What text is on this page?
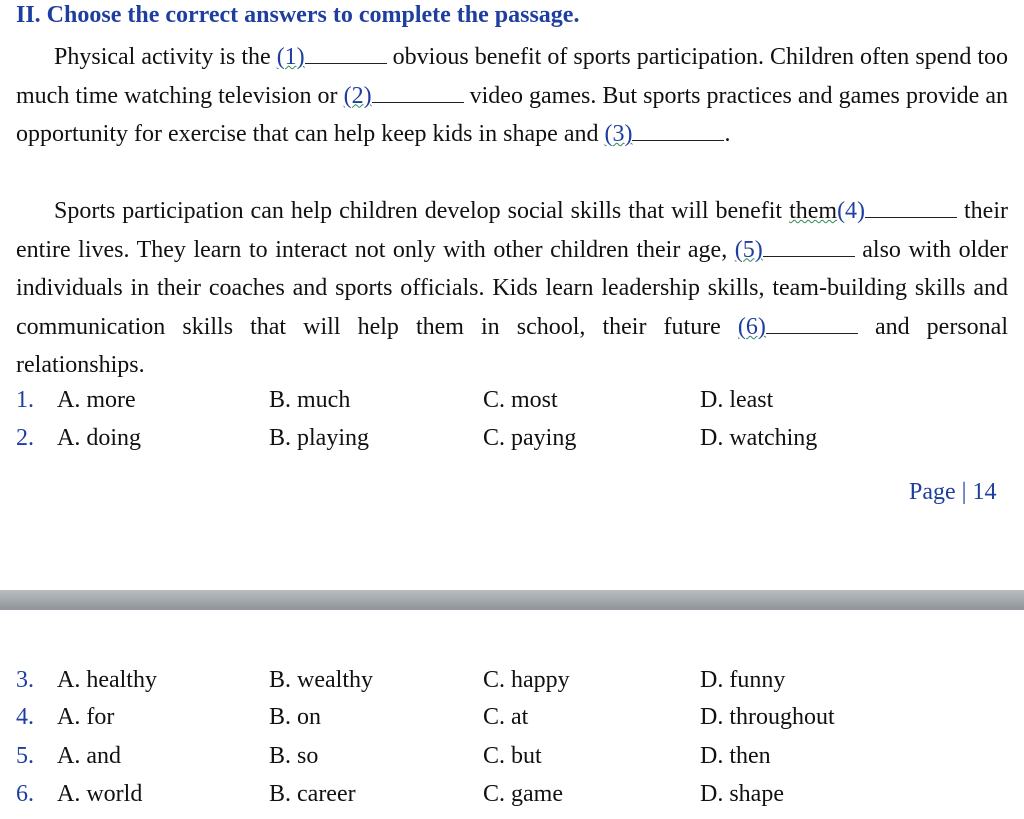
II. Choose the correct answers to complete the passage.
Physical activity is the (1)	obvious benefit of sports participation. Children often spend too much time watching television or (2)	video games. But sports practices and games provide an opportunity for exercise that can help keep kids in shape and (3)	.
Sports participation can help children develop social skills that will benefit them(4)	their entire lives. They learn to interact not only with other children their age, (5)	also with older individuals in their coaches and sports officials. Kids learn leadership skills, team-building skills and communication skills that will help them in school, their future (6)	and personal relationships.
1. A. more	B. much	C. most	D. least
2. A. doing	B. playing	C. paying	D. watching
Page | 14
3. A. healthy	B. wealthy	C. happy	D. funny
4. A. for	B. on	C. at	D. throughout
5. A. and	B. so	C. but	D. then
6. A. world	B. career	C. game	D. shape
